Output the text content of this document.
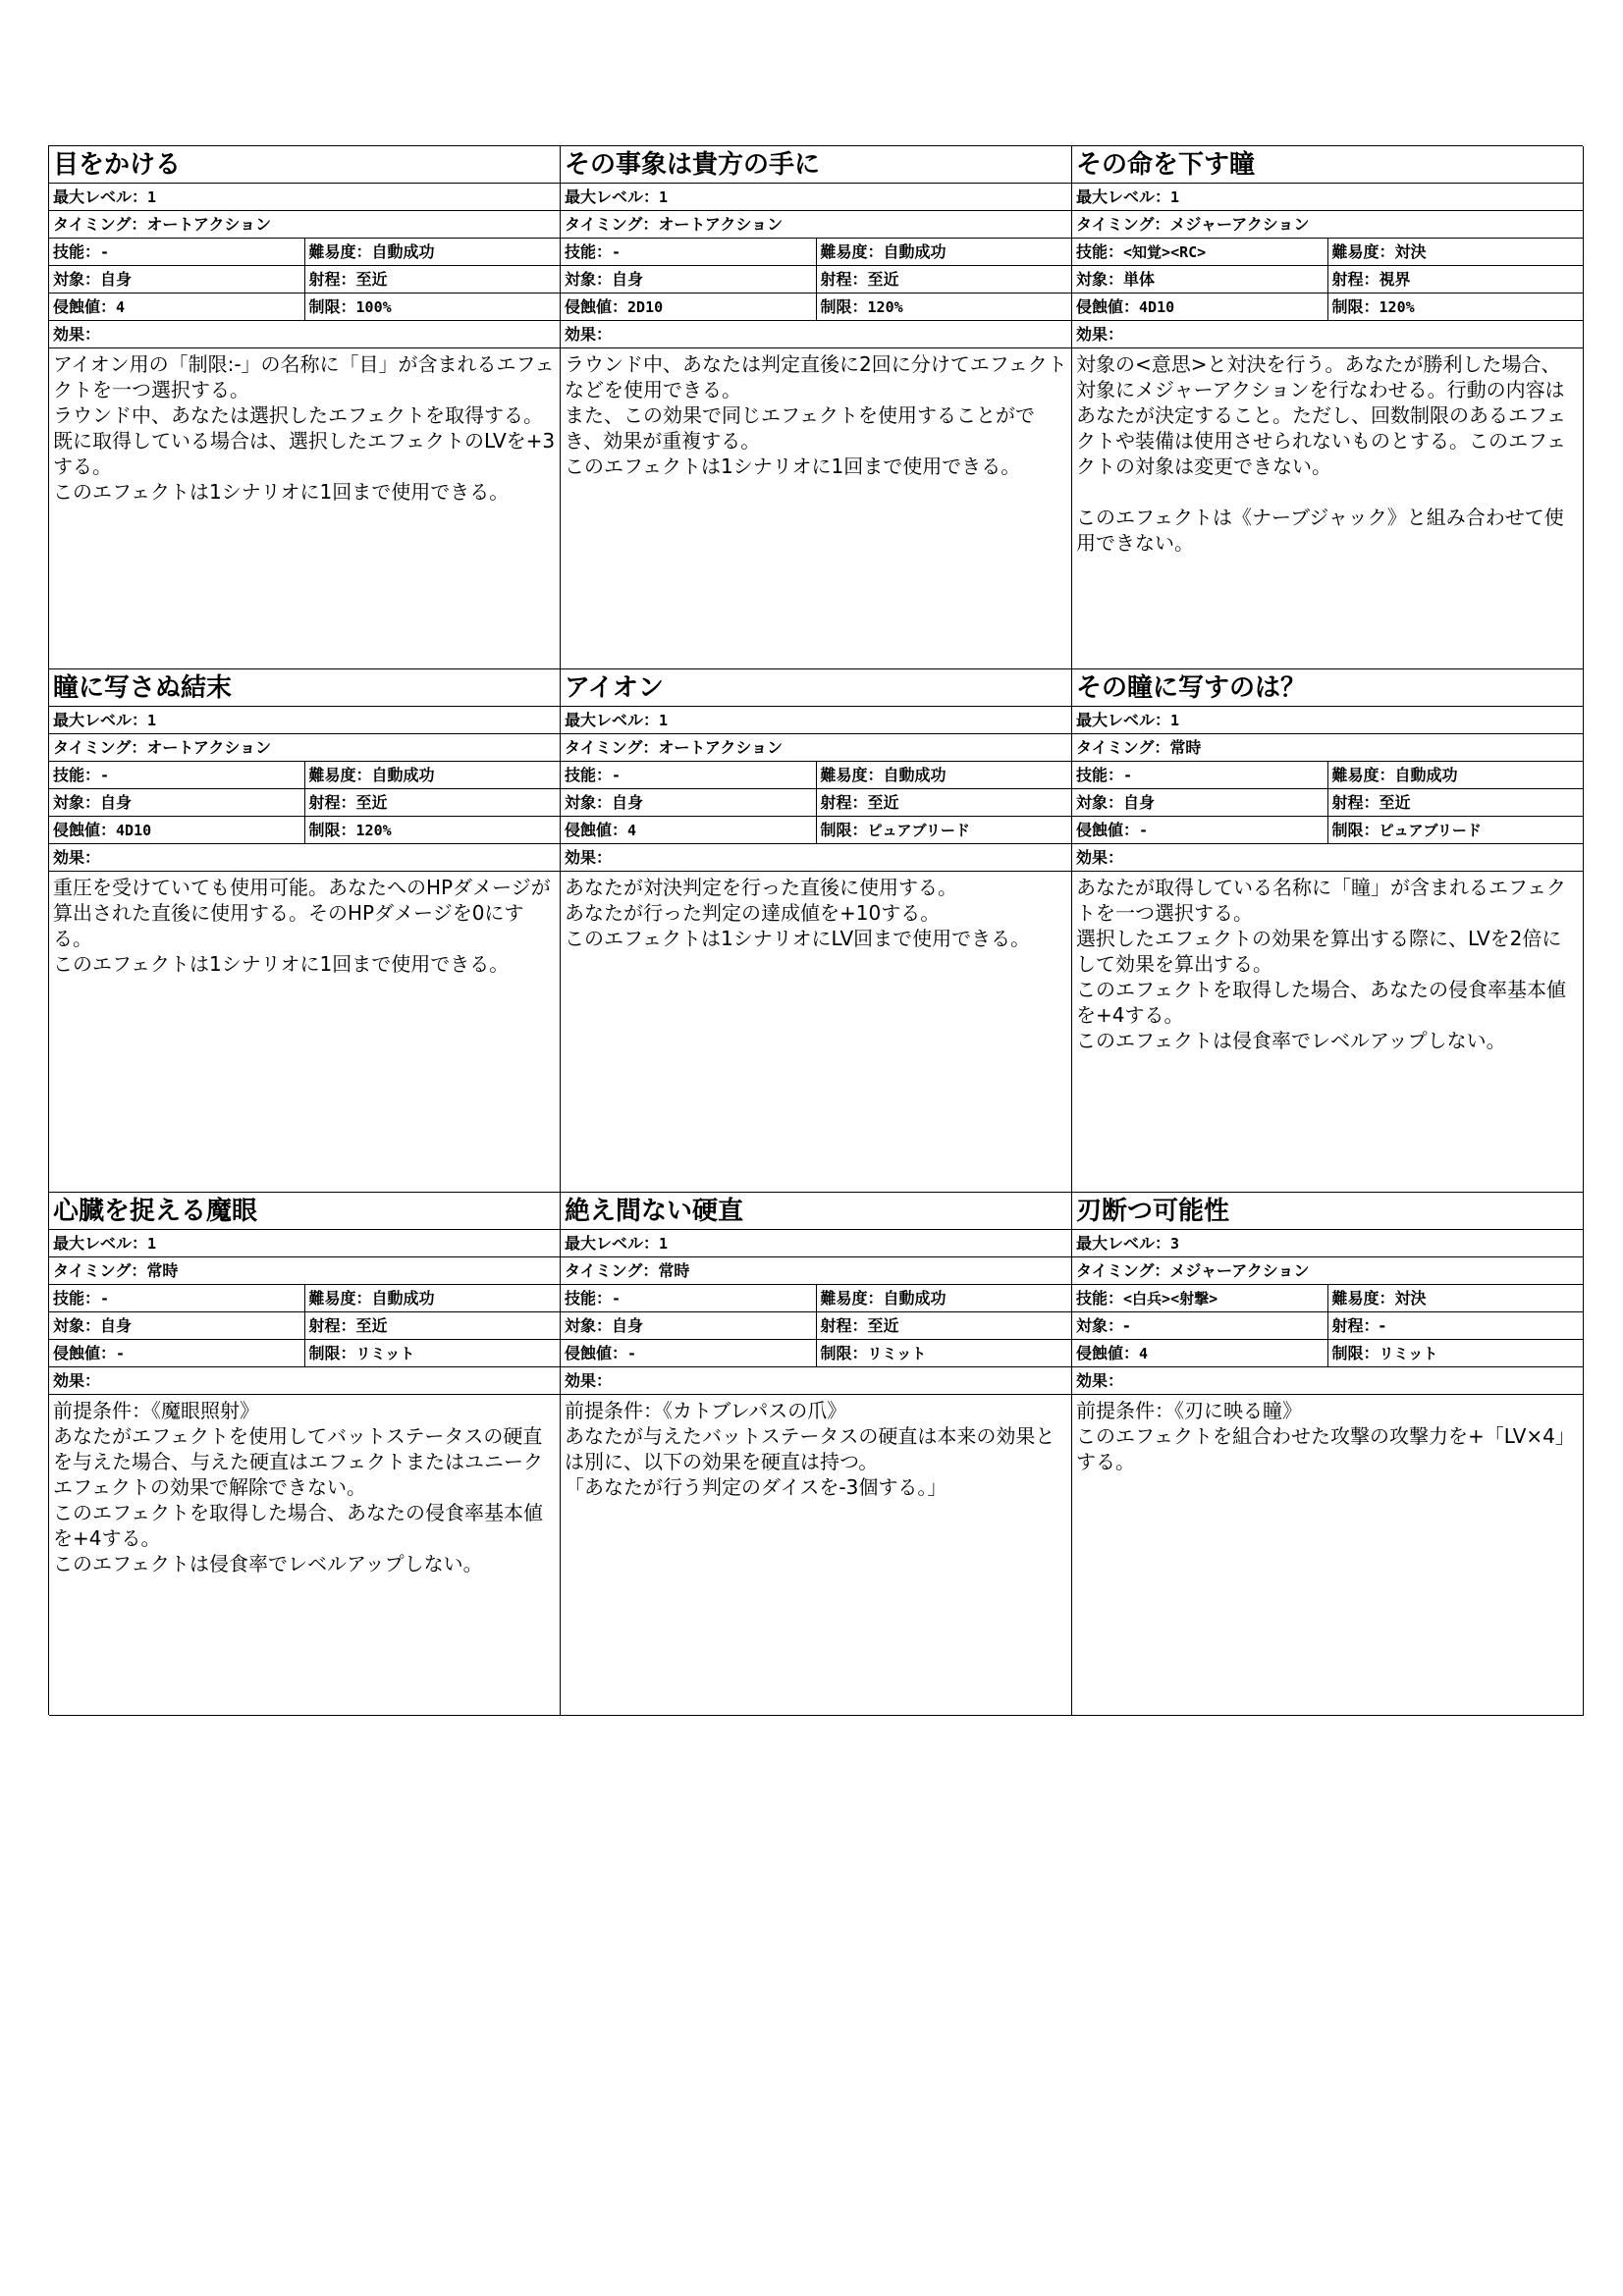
目をかける
最大レベル：1
タイミング：オートアクション
技能：-	難易度：自動成功
対象：自身	射程：至近
侵蝕値：4	制限：100%
効果：
アイオン用の「制限:-」の名称に「目」が含まれるエフェクトを一つ選択する。
ラウンド中、あなたは選択したエフェクトを取得する。既に取得している場合は、選択したエフェクトのLVを+3する。
このエフェクトは1シナリオに1回まで使用できる。
その事象は貴方の手に
最大レベル：1
タイミング：オートアクション
技能：-	難易度：自動成功
対象：自身	射程：至近
侵蝕値：2D10	制限：120%
効果：
ラウンド中、あなたは判定直後に2回に分けてエフェクトなどを使用できる。
また、この効果で同じエフェクトを使用することができ、効果が重複する。
このエフェクトは1シナリオに1回まで使用できる。
その命を下す瞳
最大レベル：1
タイミング：メジャーアクション
技能：<知覚><RC>	難易度：対決
対象：単体	射程：視界
侵蝕値：4D10	制限：120%
効果：
対象の<意思>と対決を行う。あなたが勝利した場合、対象にメジャーアクションを行なわせる。行動の内容はあなたが決定すること。ただし、回数制限のあるエフェクトや装備は使用させられないものとする。このエフェクトの対象は変更できない。

このエフェクトは《ナーブジャック》と組み合わせて使用できない。
瞳に写さぬ結末
最大レベル：1
タイミング：オートアクション
技能：-	難易度：自動成功
対象：自身	射程：至近
侵蝕値：4D10	制限：120%
効果：
重圧を受けていても使用可能。あなたへのHPダメージが算出された直後に使用する。そのHPダメージを0にする。
このエフェクトは1シナリオに1回まで使用できる。
アイオン
最大レベル：1
タイミング：オートアクション
技能：-	難易度：自動成功
対象：自身	射程：至近
侵蝕値：4	制限：ピュアブリード
効果：
あなたが対決判定を行った直後に使用する。
あなたが行った判定の達成値を+10する。
このエフェクトは1シナリオにLV回まで使用できる。
その瞳に写すのは？
最大レベル：1
タイミング：常時
技能：-	難易度：自動成功
対象：自身	射程：至近
侵蝕値：-	制限：ピュアブリード
効果：
あなたが取得している名称に「瞳」が含まれるエフェクトを一つ選択する。
選択したエフェクトの効果を算出する際に、LVを2倍にして効果を算出する。
このエフェクトを取得した場合、あなたの侵食率基本値を+4する。
このエフェクトは侵食率でレベルアップしない。
心臓を捉える魔眼
最大レベル：1
タイミング：常時
技能：-	難易度：自動成功
対象：自身	射程：至近
侵蝕値：-	制限：リミット
効果：
前提条件：《魔眼照射》
あなたがエフェクトを使用してバットステータスの硬直を与えた場合、与えた硬直はエフェクトまたはユニークエフェクトの効果で解除できない。
このエフェクトを取得した場合、あなたの侵食率基本値を+4する。
このエフェクトは侵食率でレベルアップしない。
絶え間ない硬直
最大レベル：1
タイミング：常時
技能：-	難易度：自動成功
対象：自身	射程：至近
侵蝕値：-	制限：リミット
効果：
前提条件：《カトブレパスの爪》
あなたが与えたバットステータスの硬直は本来の効果とは別に、以下の効果を硬直は持つ。
「あなたが行う判定のダイスを-3個する。」
刃断つ可能性
最大レベル：3
タイミング：メジャーアクション
技能：<白兵><射撃>	難易度：対決
対象：-	射程：-
侵蝕値：4	制限：リミット
効果：
前提条件：《刃に映る瞳》
このエフェクトを組合わせた攻撃の攻撃力を+「LV×4」する。
